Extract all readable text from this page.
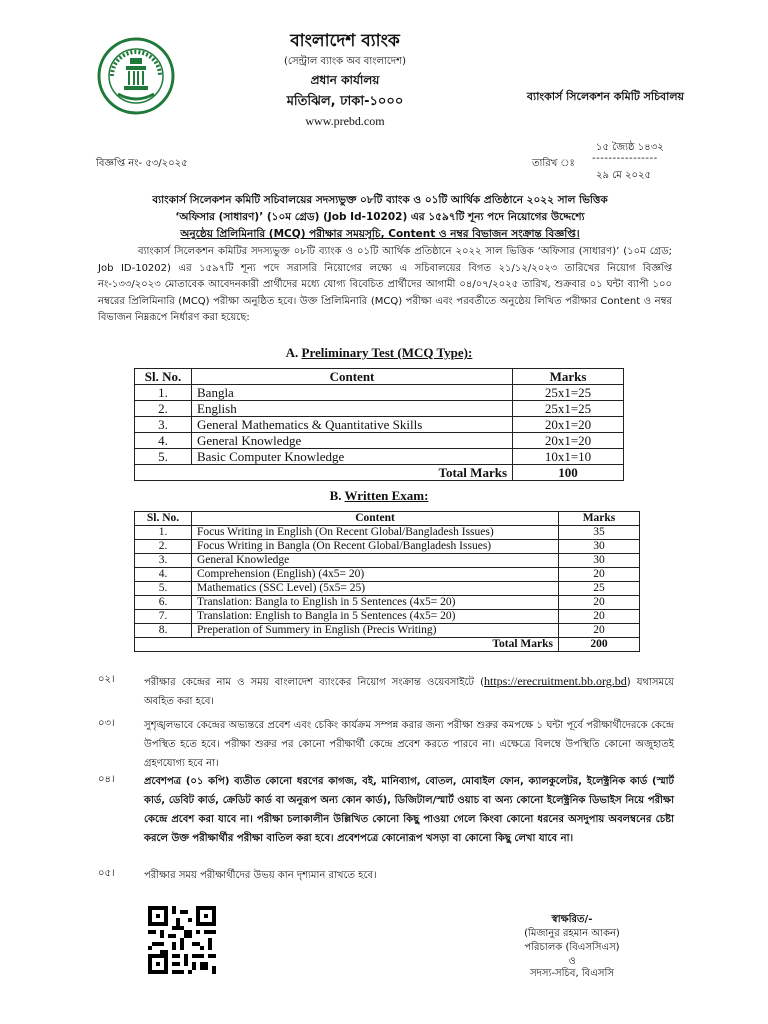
বাংলাদেশ ব্যাংক
(সেন্ট্রাল ব্যাংক অব বাংলাদেশ)
প্রধান কার্যালয়
মতিঝিল, ঢাকা-১০০০
www.prebd.com
ব্যাংকার্স সিলেকশন কমিটি সচিবালয়
১৫ জ্যৈষ্ঠ ১৪৩২
বিজ্ঞপ্তি নং- ৫৩/২০২৫	তারিখ ঃ ----------------
২৯ মে ২০২৫
ব্যাংকার্স সিলেকশন কমিটি সচিবালয়ের সদস্যভুক্ত ০৮টি ব্যাংক ও ০১টি আর্থিক প্রতিষ্ঠানে ২০২২ সাল ভিত্তিক
‘অফিসার (সাধারণ)’ (১০ম গ্রেড) (Job Id-10202) এর ১৫৯৭টি শূন্য পদে নিয়োগের উদ্দেশ্যে
অনুষ্ঠেয় প্রিলিমিনারি (MCQ) পরীক্ষার সময়সূচি, Content ও নম্বর বিভাজন সংক্রান্ত বিজ্ঞপ্তি।
ব্যাংকার্স সিলেকশন কমিটির সদস্যভুক্ত ০৮টি ব্যাংক ও ০১টি আর্থিক প্রতিষ্ঠানে ২০২২ সাল ভিত্তিক ‘অফিসার (সাধারণ)’ (১০ম গ্রেড; Job ID-10202) এর ১৫৯৭টি শূন্য পদে সরাসরি নিয়োগের লক্ষ্যে এ সচিবালয়ের বিগত ২১/১২/২০২৩ তারিখের নিয়োগ বিজ্ঞপ্তি নং-১৩৩/২০২৩ মোতাবেক আবেদনকারী প্রার্থীদের মধ্যে যোগ্য বিবেচিত প্রার্থীদের আগামী ০৪/০৭/২০২৫ তারিখ, শুক্রবার ০১ ঘন্টা ব্যাপী ১০০ নম্বরের প্রিলিমিনারি (MCQ) পরীক্ষা অনুষ্ঠিত হবে। উক্ত প্রিলিমিনারি (MCQ) পরীক্ষা এবং পরবর্তীতে অনুষ্ঠেয় লিখিত পরীক্ষার Content ও নম্বর বিভাজন নিম্নরূপে নির্ধারণ করা হয়েছে:
A. Preliminary Test (MCQ Type):
Sl. No.	Content	Marks
1.	Bangla	25x1=25
2.	English	25x1=25
3.	General Mathematics & Quantitative Skills	20x1=20
4.	General Knowledge	20x1=20
5.	Basic Computer Knowledge	10x1=10
Total Marks		100
B. Written Exam:
Sl. No.	Content	Marks
1.	Focus Writing in English (On Recent Global/Bangladesh Issues)	35
2.	Focus Writing in Bangla (On Recent Global/Bangladesh Issues)	30
3.	General Knowledge	30
4.	Comprehension (English) (4x5= 20)	20
5.	Mathematics (SSC Level) (5x5= 25)	25
6.	Translation: Bangla to English in 5 Sentences (4x5= 20)	20
7.	Translation: English to Bangla in 5 Sentences (4x5= 20)	20
8.	Preperation of Summery in English (Precis Writing)	20
Total Marks		200
০২।	পরীক্ষার কেন্দ্রের নাম ও সময় বাংলাদেশ ব্যাংকের নিয়োগ সংক্রান্ত ওয়েবসাইটে (https://erecruitment.bb.org.bd) যথাসময়ে অবহিত করা হবে।
০৩।	সুশৃঙ্খলভাবে কেন্দ্রের অভ্যন্তরে প্রবেশ এবং চেকিং কার্যক্রম সম্পন্ন করার জন্য পরীক্ষা শুরুর কমপক্ষে ১ ঘন্টা পূর্বে পরীক্ষার্থীদেরকে কেন্দ্রে উপস্থিত হতে হবে। পরীক্ষা শুরুর পর কোনো পরীক্ষার্থী কেন্দ্রে প্রবেশ করতে পারবে না। এক্ষেত্রে বিলম্বে উপস্থিতি কোনো অজুহাতই গ্রহণযোগ্য হবে না।
০৪।	প্রবেশপত্র (০১ কপি) ব্যতীত কোনো ধরণের কাগজ, বই, মানিব্যাগ, বোতল, মোবাইল ফোন, ক্যালকুলেটর, ইলেক্ট্রনিক কার্ড (স্মার্ট কার্ড, ডেবিট কার্ড, ক্রেডিট কার্ড বা অনুরূপ অন্য কোন কার্ড), ডিজিটাল/স্মার্ট ওয়াচ বা অন্য কোনো ইলেক্ট্রনিক ডিভাইস নিয়ে পরীক্ষা কেন্দ্রে প্রবেশ করা যাবে না। পরীক্ষা চলাকালীন উল্লিখিত কোনো কিছু পাওয়া গেলে কিংবা কোনো ধরনের অসদুপায় অবলম্বনের চেষ্টা করলে উক্ত পরীক্ষার্থীর পরীক্ষা বাতিল করা হবে। প্রবেশপত্রে কোনোরূপ খসড়া বা কোনো কিছু লেখা যাবে না।
০৫।	পরীক্ষার সময় পরীক্ষার্থীদের উভয় কান দৃশ্যমান রাখতে হবে।
স্বাক্ষরিত/-
(মিজানুর রহমান আকন)
পরিচালক (বিএসসিএস)
ও
সদস্য-সচিব, বিএসসি
